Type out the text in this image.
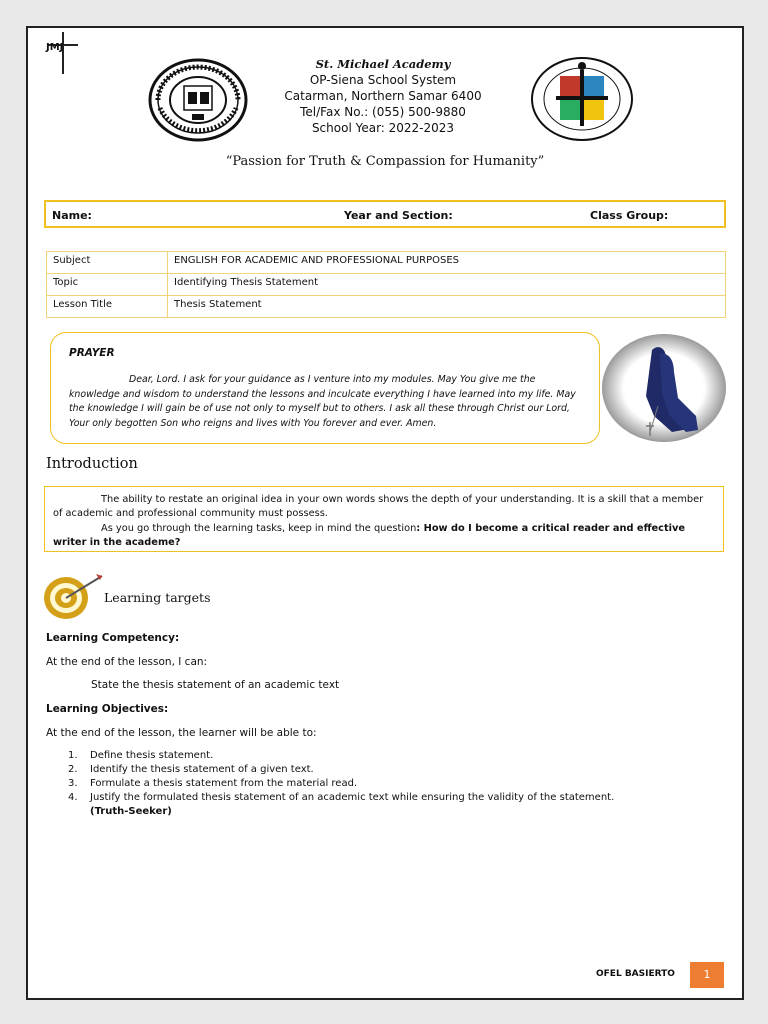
JMJ
St. Michael Academy
OP-Siena School System
Catarman, Northern Samar 6400
Tel/Fax No.: (055) 500-9880
School Year: 2022-2023
“Passion for Truth & Compassion for Humanity”
Name:	Year and Section:	Class Group:
Subject	ENGLISH FOR ACADEMIC AND PROFESSIONAL PURPOSES
Topic	Identifying Thesis Statement
Lesson Title	Thesis Statement
PRAYER
Dear, Lord. I ask for your guidance as I venture into my modules. May You give me the knowledge and wisdom to understand the lessons and inculcate everything I have learned into my life. May the knowledge I will gain be of use not only to myself but to others. I ask all these through Christ our Lord, Your only begotten Son who reigns and lives with You forever and ever. Amen.
Introduction
The ability to restate an original idea in your own words shows the depth of your understanding. It is a skill that a member of academic and professional community must possess.
As you go through the learning tasks, keep in mind the question: How do I become a critical reader and effective writer in the academe?
Learning targets
Learning Competency:
At the end of the lesson, I can:
State the thesis statement of an academic text
Learning Objectives:
At the end of the lesson, the learner will be able to:
1. Define thesis statement.
2. Identify the thesis statement of a given text.
3. Formulate a thesis statement from the material read.
4. Justify the formulated thesis statement of an academic text while ensuring the validity of the statement.
(Truth-Seeker)
OFEL BASIERTO	1
